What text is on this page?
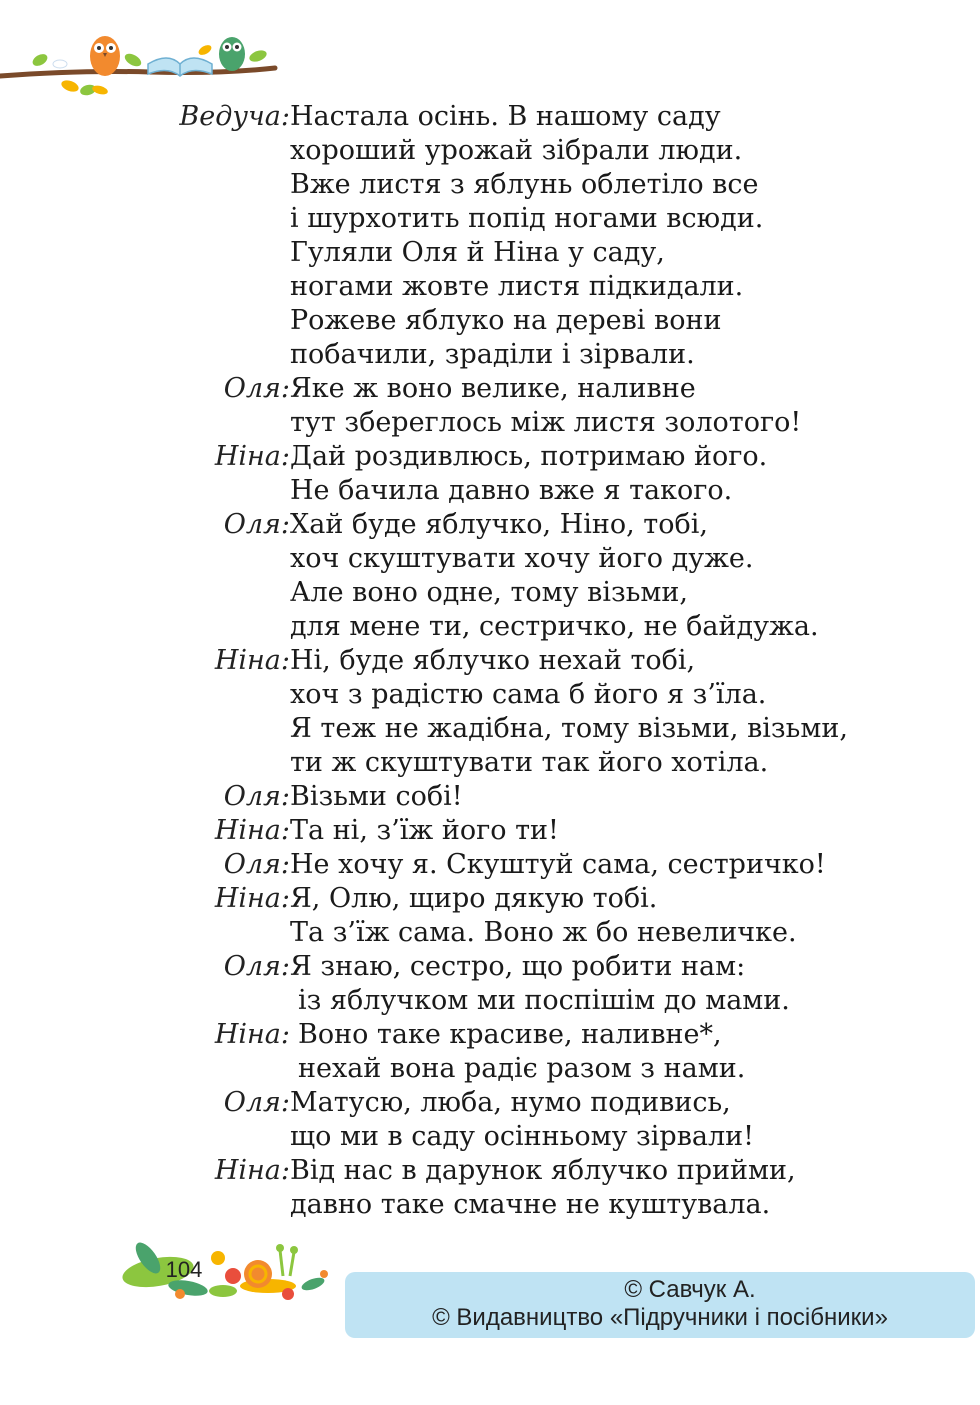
Ведуча: Настала осінь. В нашому саду
хороший урожай зібрали люди.
Вже листя з яблунь облетіло все
і шурхотить попід ногами всюди.
Гуляли Оля й Ніна у саду,
ногами жовте листя підкидали.
Рожеве яблуко на дереві вони
побачили, зраділи і зірвали.
Оля: Яке ж воно велике, наливне
тут збереглось між листя золотого!
Ніна: Дай роздивлюсь, потримаю його.
Не бачила давно вже я такого.
Оля: Хай буде яблучко, Ніно, тобі,
хоч скуштувати хочу його дуже.
Але воно одне, тому візьми,
для мене ти, сестричко, не байдужа.
Ніна: Ні, буде яблучко нехай тобі,
хоч з радістю сама б його я з’їла.
Я теж не жадібна, тому візьми, візьми,
ти ж скуштувати так його хотіла.
Оля: Візьми собі!
Ніна: Та ні, з’їж його ти!
Оля: Не хочу я. Скуштуй сама, сестричко!
Ніна: Я, Олю, щиро дякую тобі.
Та з’їж сама. Воно ж бо невеличке.
Оля: Я знаю, сестро, що робити нам:
із яблучком ми поспішім до мами.
Ніна: Воно таке красиве, наливне*,
нехай вона радіє разом з нами.
Оля: Матусю, люба, нумо подивись,
що ми в саду осінньому зірвали!
Ніна: Від нас в дарунок яблучко прийми,
давно таке смачне не куштувала.
104
© Савчук А.
© Видавництво «Підручники і посібники»
